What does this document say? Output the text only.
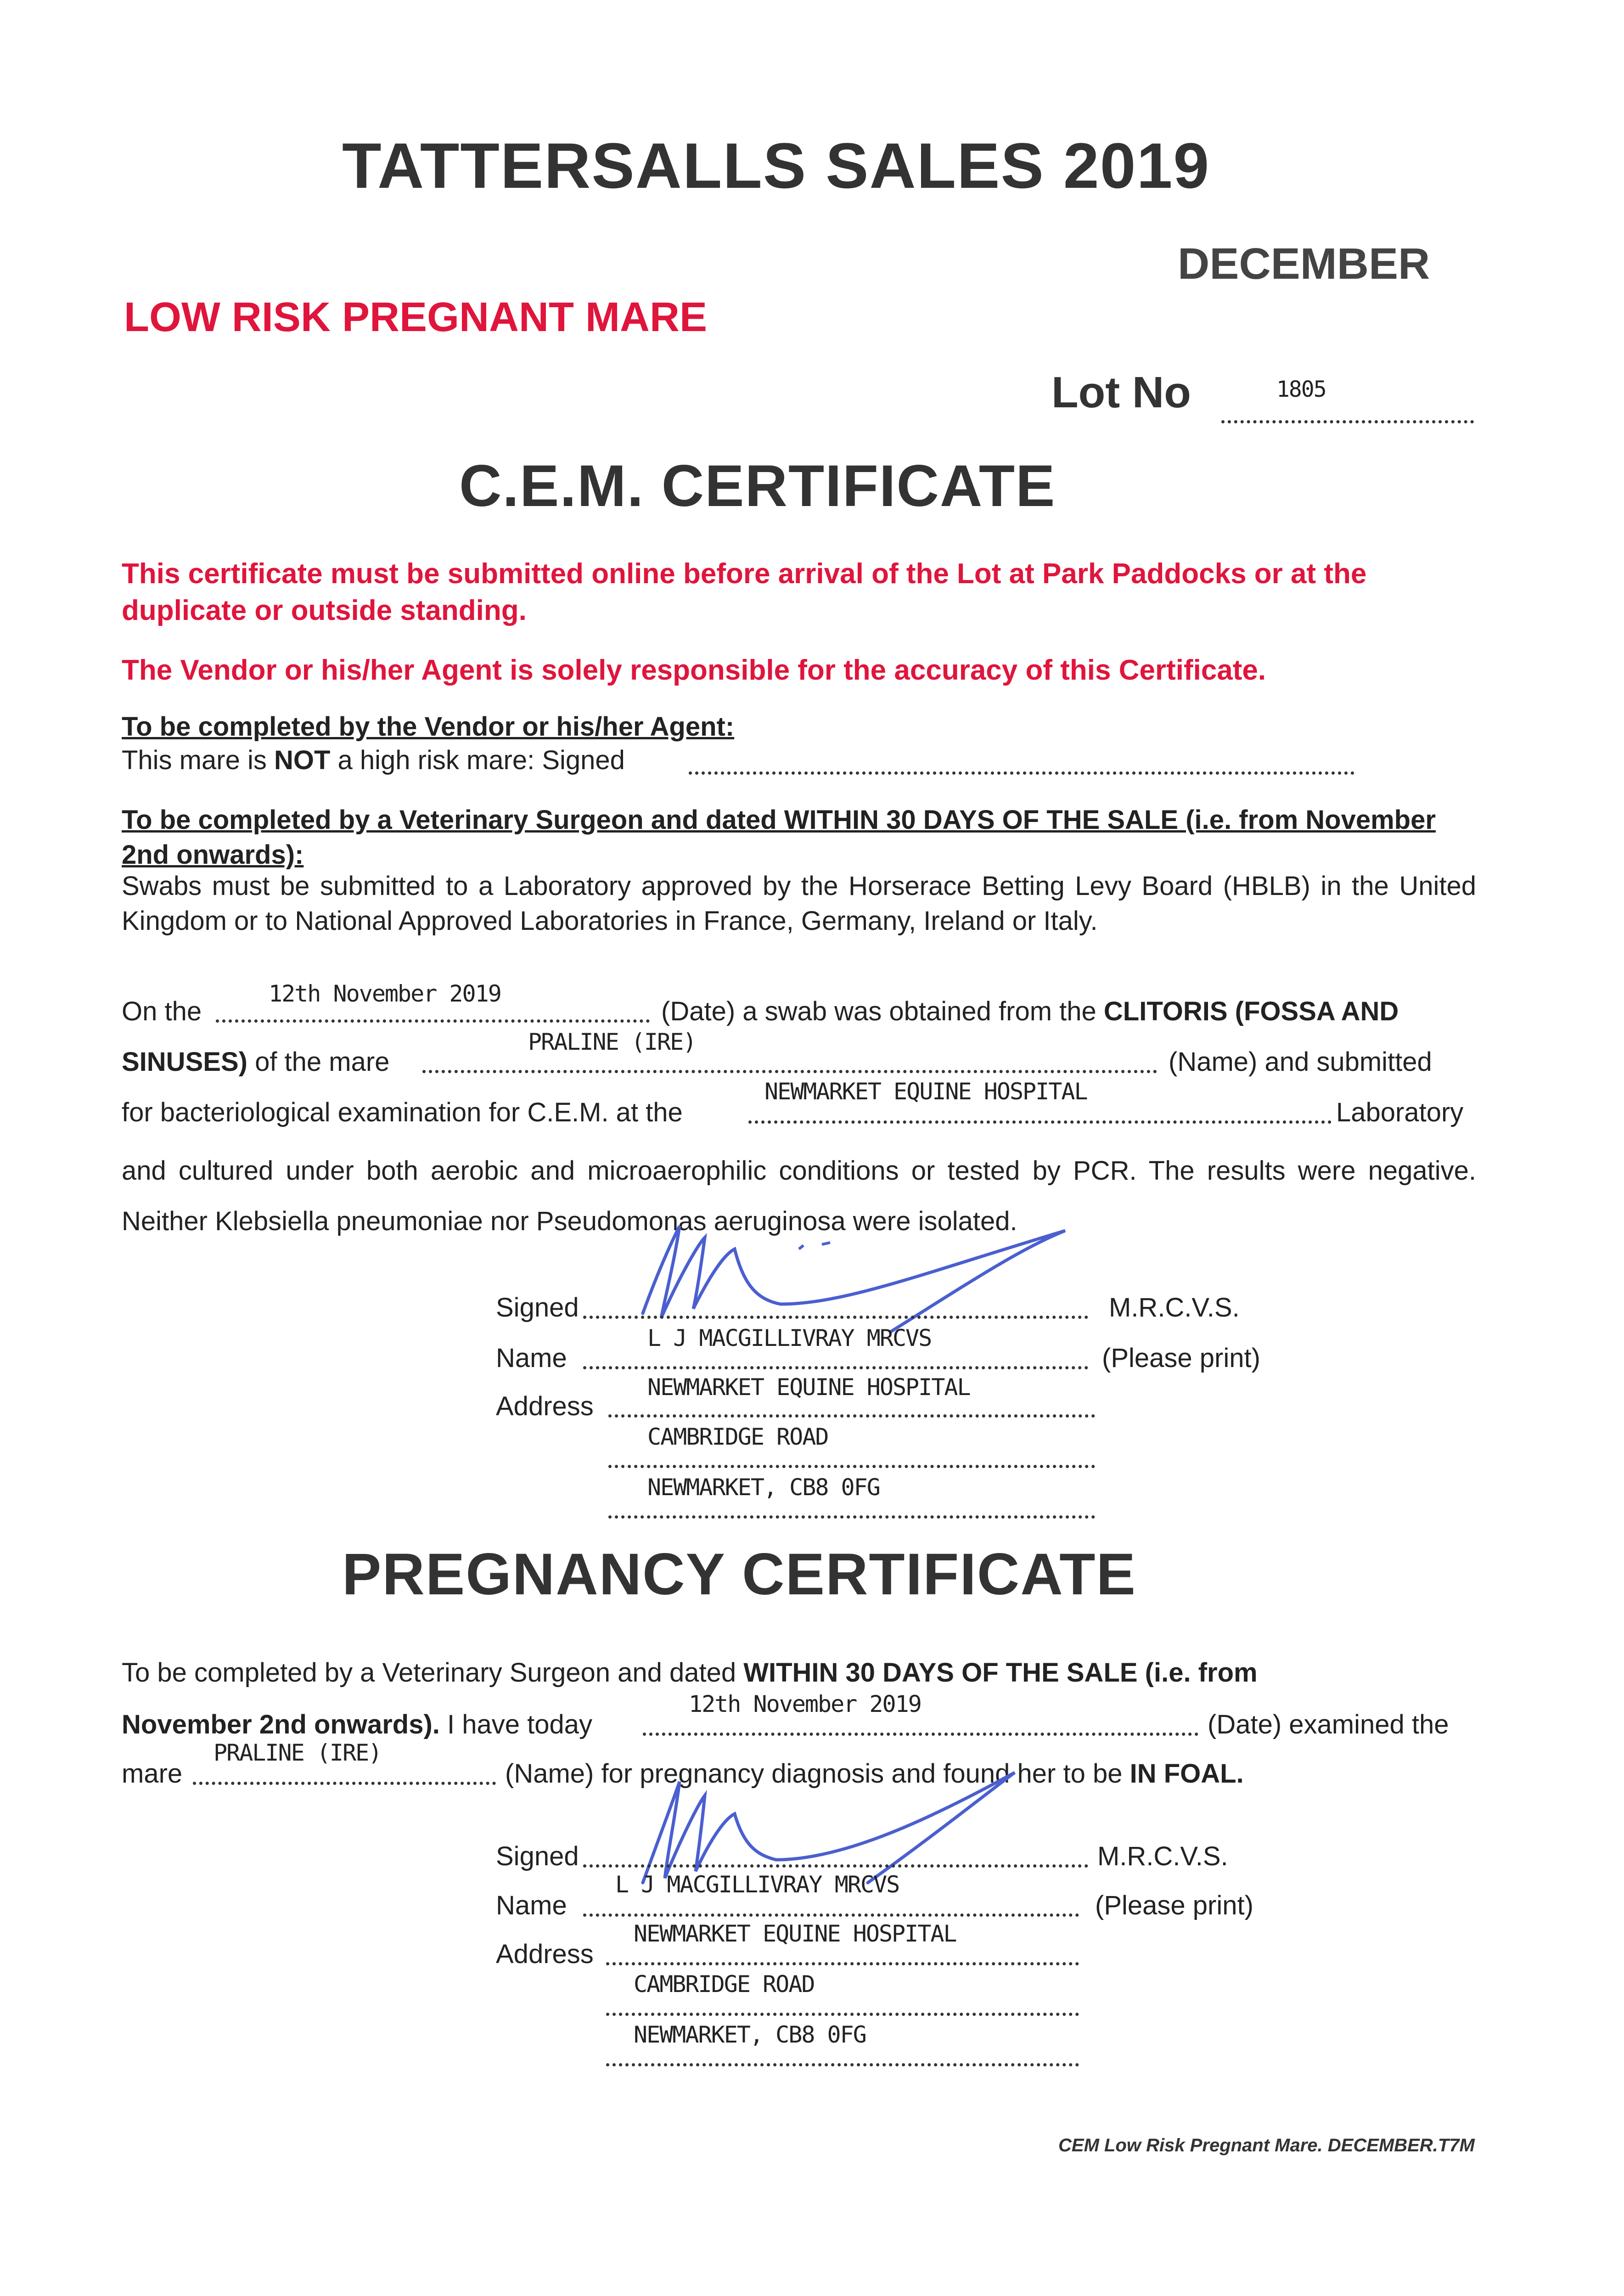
TATTERSALLS SALES 2019
DECEMBER
LOW RISK PREGNANT MARE
Lot No	1805
C.E.M. CERTIFICATE
This certificate must be submitted online before arrival of the Lot at Park Paddocks or at the duplicate or outside standing.
The Vendor or his/her Agent is solely responsible for the accuracy of this Certificate.
To be completed by the Vendor or his/her Agent:
This mare is NOT a high risk mare: Signed
To be completed by a Veterinary Surgeon and dated WITHIN 30 DAYS OF THE SALE (i.e. from November 2nd onwards):
Swabs must be submitted to a Laboratory approved by the Horserace Betting Levy Board (HBLB) in the United Kingdom or to National Approved Laboratories in France, Germany, Ireland or Italy.
On the
12th November 2019
(Date) a swab was obtained from the CLITORIS (FOSSA AND
SINUSES) of the mare
PRALINE (IRE)
(Name) and submitted
for bacteriological examination for C.E.M. at the
NEWMARKET EQUINE HOSPITAL
Laboratory
and cultured under both aerobic and microaerophilic conditions or tested by PCR. The results were negative. Neither Klebsiella pneumoniae nor Pseudomonas aeruginosa were isolated.
Signed	M.R.C.V.S.
Name
L J MACGILLIVRAY MRCVS
(Please print)
Address
NEWMARKET EQUINE HOSPITAL
CAMBRIDGE ROAD
NEWMARKET, CB8 0FG
PREGNANCY CERTIFICATE
To be completed by a Veterinary Surgeon and dated WITHIN 30 DAYS OF THE SALE (i.e. from
November 2nd onwards). I have today
12th November 2019
(Date) examined the
mare
PRALINE (IRE)
(Name) for pregnancy diagnosis and found her to be IN FOAL.
Signed	M.R.C.V.S.
Name
L J MACGILLIVRAY MRCVS
(Please print)
Address
NEWMARKET EQUINE HOSPITAL
CAMBRIDGE ROAD
NEWMARKET, CB8 0FG
CEM Low Risk Pregnant Mare. DECEMBER.T7M
